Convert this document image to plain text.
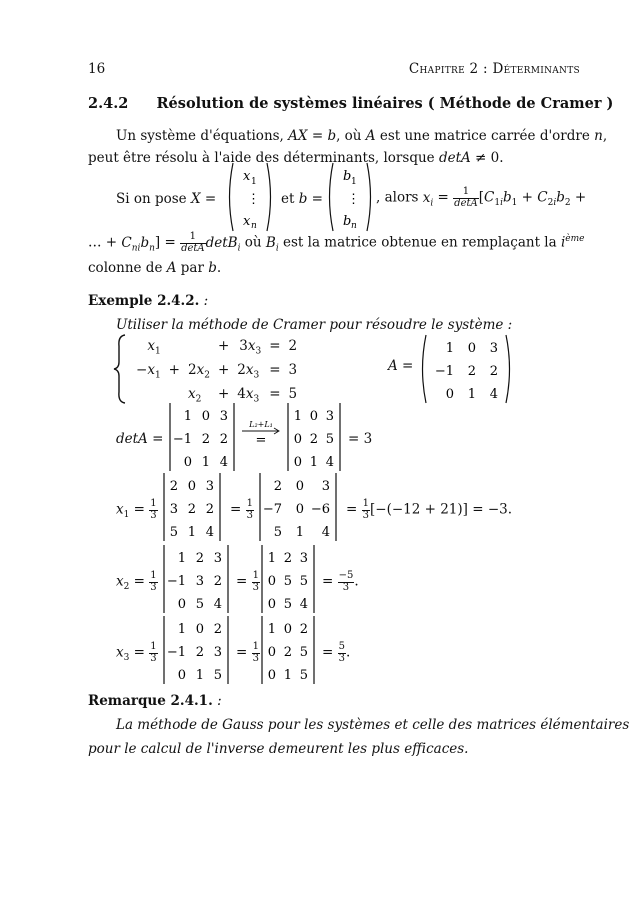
16	Chapitre 2 : Déterminants
2.4.2 Résolution de systèmes linéaires ( Méthode de Cramer )
Un système d'équations, AX = b, où A est une matrice carrée d'ordre n,
peut être résolu à l'aide des déterminants, lorsque detA ≠ 0.
Si on pose X =
x 1
⋮
x n
et b =
b 1
⋮
b n
, alors $x_i = \frac{1}{\det A} [C_{1i}b_1 + C_{2i}b_2$ +
… + $C_{ni}b_n] = \frac{1}{\det A} \det B_i$ où $B_i$ est la matrice obtenue en remplaçant la $i^{ème}$
colonne de A par b.
Exemple 2.4.2. :
Utiliser la méthode de Cramer pour résoudre le système :
$x_1$			+	$3x_3$	=	2
$-x_1$	+	$2x_2$	+	$2x_3$	=	3
		$x_2$	+	$4x_3$	=	5
A =
1 0 3
−1 2 2
0 1 4
detA =
1 0 3
−1 2 2
0 1 4
L₂+L₁
=
1 0 3
0 2 5
0 1 4
= 3
$x_1 = \frac{1}{3}$
2 0 3
3 2 2
5 1 4
= $\frac{1}{3}$
2 0 3
−7 0 −6
5 1 4
= $\frac{1}{3} [-(-12 + 21)] = -3$.
$x_2 = \frac{1}{3}$
1 2 3
−1 3 2
0 5 4
= $\frac{1}{3}$
1 2 3
0 5 5
0 5 4
= $\frac{-5}{3}$ .
$x_3 = \frac{1}{3}$
1 0 2
−1 2 3
0 1 5
= $\frac{1}{3}$
1 0 2
0 2 5
0 1 5
= $\frac{5}{3}$ .
Remarque 2.4.1. :
La méthode de Gauss pour les systèmes et celle des matrices élémentaires
pour le calcul de l'inverse demeurent les plus efficaces.
